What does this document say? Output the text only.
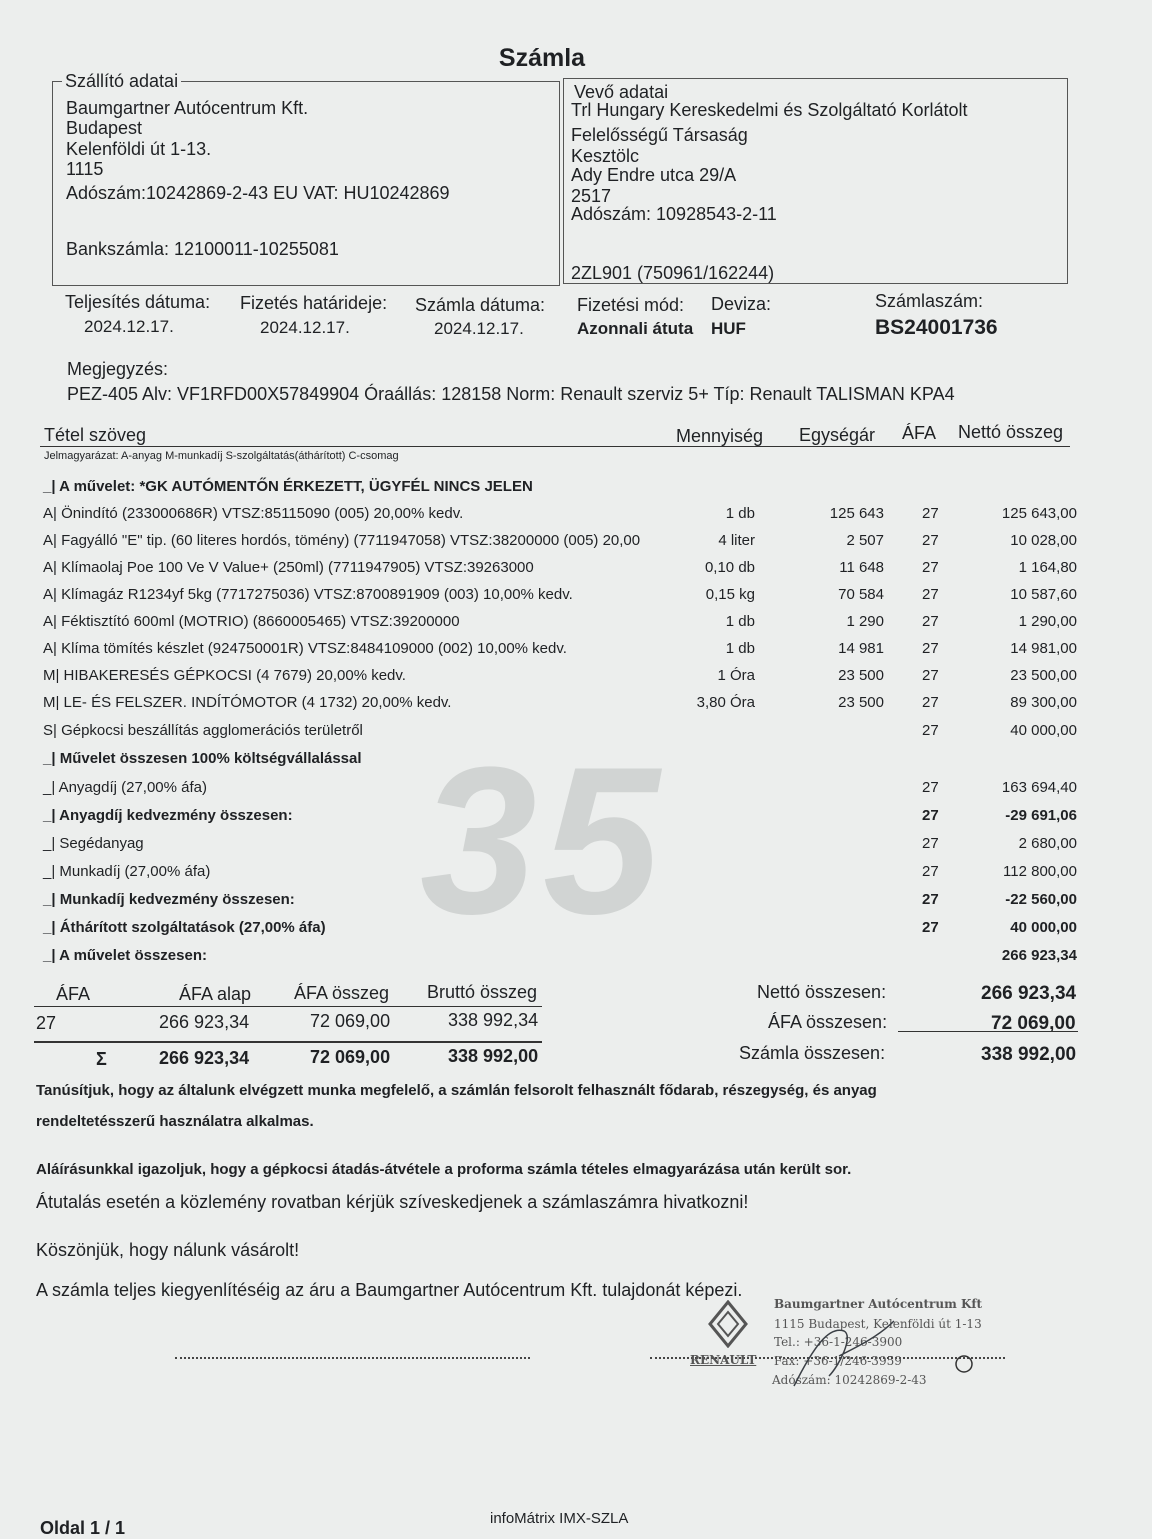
35
Számla
Szállító adatai
Baumgartner Autócentrum Kft.
Budapest
Kelenföldi út 1-13.
1115
Adószám:10242869-2-43 EU VAT: HU10242869
Bankszámla: 12100011-10255081
Vevő adatai
Trl Hungary Kereskedelmi és Szolgáltató Korlátolt
Felelősségű Társaság
Kesztölc
Ady Endre utca 29/A
2517
Adószám: 10928543-2-11
2ZL901 (750961/162244)
Teljesítés dátuma:
2024.12.17.
Fizetés határideje:
2024.12.17.
Számla dátuma:
2024.12.17.
Fizetési mód:
Azonnali átuta
Deviza:
HUF
Számlaszám:
BS24001736
Megjegyzés:
PEZ-405 Alv: VF1RFD00X57849904 Óraállás: 128158 Norm: Renault szerviz 5+ Típ: Renault TALISMAN KPA4
Tétel szöveg	Mennyiség Egységár ÁFA Nettó összeg
Jelmagyarázat: A-anyag M-munkadíj S-szolgáltatás(áthárított) C-csomag
_| A művelet: *GK AUTÓMENTŐN ÉRKEZETT, ÜGYFÉL NINCS JELEN
A| Önindító (233000686R) VTSZ:85115090 (005) 20,00% kedv.	1 db	125 643	27	125 643,00
A| Fagyálló "E" tip. (60 literes hordós, tömény) (7711947058) VTSZ:38200000 (005) 20,00	4 liter	2 507	27	10 028,00
A| Klímaolaj Poe 100 Ve V Value+ (250ml) (7711947905) VTSZ:39263000	0,10 db	11 648	27	1 164,80
A| Klímagáz R1234yf 5kg (7717275036) VTSZ:8700891909 (003) 10,00% kedv.	0,15 kg	70 584	27	10 587,60
A| Féktisztító 600ml (MOTRIO) (8660005465) VTSZ:39200000	1 db	1 290	27	1 290,00
A| Klíma tömítés készlet (924750001R) VTSZ:8484109000 (002) 10,00% kedv.	1 db	14 981	27	14 981,00
M| HIBAKERESÉS GÉPKOCSI (4 7679) 20,00% kedv.	1 Óra	23 500	27	23 500,00
M| LE- ÉS FELSZER. INDÍTÓMOTOR (4 1732) 20,00% kedv.	3,80 Óra	23 500	27	89 300,00
S| Gépkocsi beszállítás agglomerációs területről	27	40 000,00
_| Művelet összesen 100% költségvállalással
_| Anyagdíj (27,00% áfa)	27	163 694,40
_| Anyagdíj kedvezmény összesen:	27	-29 691,06
_| Segédanyag	27	2 680,00
_| Munkadíj (27,00% áfa)	27	112 800,00
_| Munkadíj kedvezmény összesen:	27	-22 560,00
_| Áthárított szolgáltatások (27,00% áfa)	27	40 000,00
_| A művelet összesen:	266 923,34
ÁFA	ÁFA alap ÁFA összeg Bruttó összeg
27	266 923,34	72 069,00	338 992,34
Σ	266 923,34	72 069,00	338 992,00
Nettó összesen:	266 923,34
ÁFA összesen:	72 069,00
Számla összesen:	338 992,00
Tanúsítjuk, hogy az általunk elvégzett munka megfelelő, a számlán felsorolt felhasznált fődarab, részegység, és anyag
rendeltetésszerű használatra alkalmas.
Aláírásunkkal igazoljuk, hogy a gépkocsi átadás-átvétele a proforma számla tételes elmagyarázása után került sor.
Átutalás esetén a közlemény rovatban kérjük szíveskedjenek a számlaszámra hivatkozni!
Köszönjük, hogy nálunk vásárolt!
A számla teljes kiegyenlítéséig az áru a Baumgartner Autócentrum Kft. tulajdonát képezi.
RENAULT
Baumgartner Autócentrum Kft
1115 Budapest, Kelenföldi út 1-13
Tel.: +36-1-246-3900
Fax: +36-1/246-3959
Adószám: 10242869-2-43
Oldal 1 / 1	infoMátrix IMX-SZLA
